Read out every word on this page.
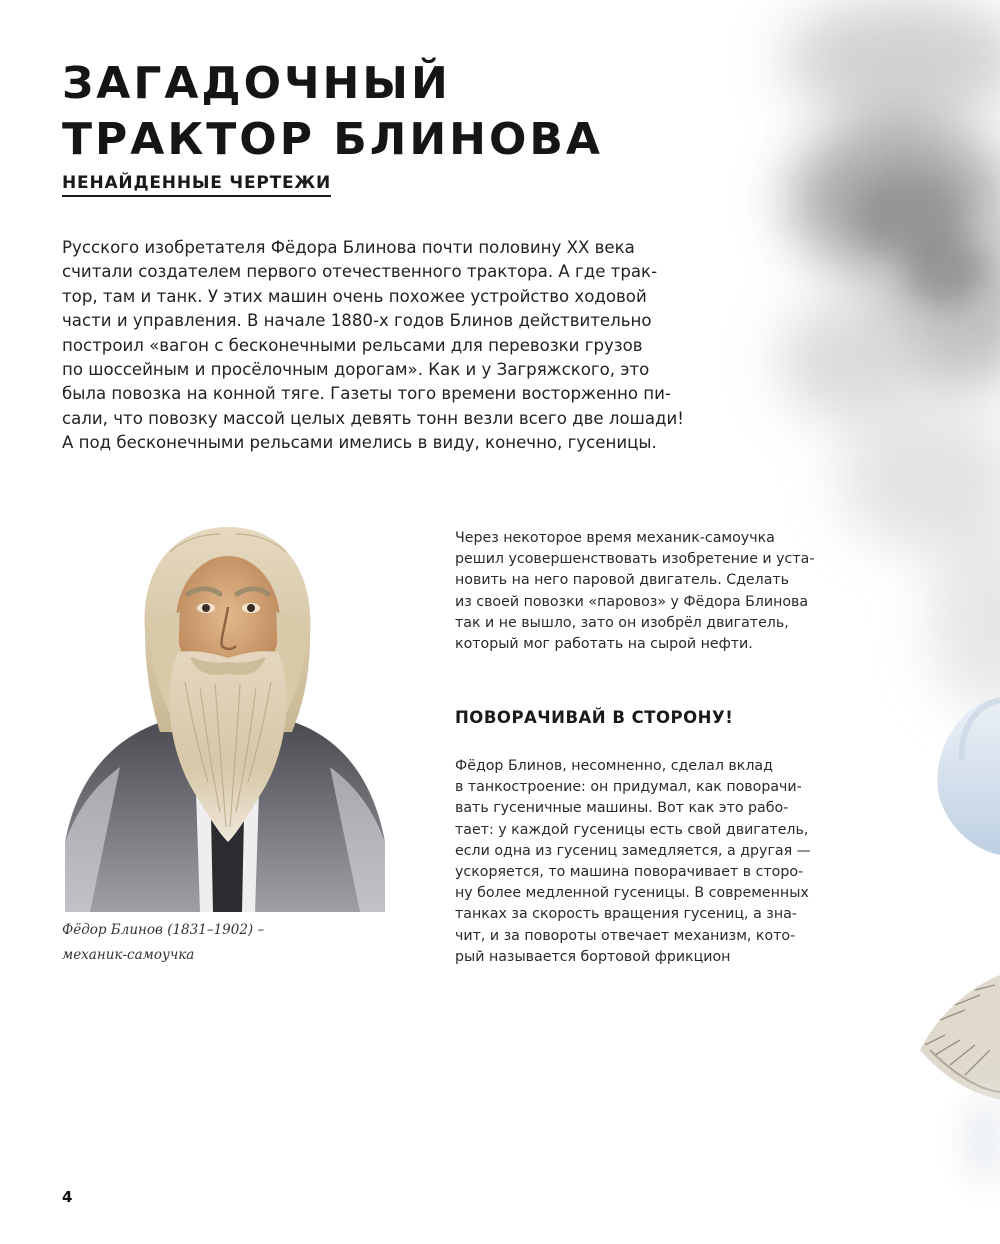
ЗАГАДОЧНЫЙ
ТРАКТОР БЛИНОВА
НЕНАЙДЕННЫЕ ЧЕРТЕЖИ
Русского изобретателя Фёдора Блинова почти половину XX века
считали создателем первого отечественного трактора. А где трак-
тор, там и танк. У этих машин очень похожее устройство ходовой
части и управления. В начале 1880-х годов Блинов действительно
построил «вагон с бесконечными рельсами для перевозки грузов
по шоссейным и просёлочным дорогам». Как и у Загряжского, это
была повозка на конной тяге. Газеты того времени восторженно пи-
сали, что повозку массой целых девять тонн везли всего две лошади!
А под бесконечными рельсами имелись в виду, конечно, гусеницы.
Фёдор Блинов (1831–1902) –
механик-самоучка
Через некоторое время механик-самоучка
решил усовершенствовать изобретение и уста-
новить на него паровой двигатель. Сделать
из своей повозки «паровоз» у Фёдора Блинова
так и не вышло, зато он изобрёл двигатель,
который мог работать на сырой нефти.
ПОВОРАЧИВАЙ В СТОРОНУ!
Фёдор Блинов, несомненно, сделал вклад
в танкостроение: он придумал, как поворачи-
вать гусеничные машины. Вот как это рабо-
тает: у каждой гусеницы есть свой двигатель,
если одна из гусениц замедляется, а другая —
ускоряется, то машина поворачивает в сторо-
ну более медленной гусеницы. В современных
танках за скорость вращения гусениц, а зна-
чит, и за повороты отвечает механизм, кото-
рый называется бортовой фрикцион
4
